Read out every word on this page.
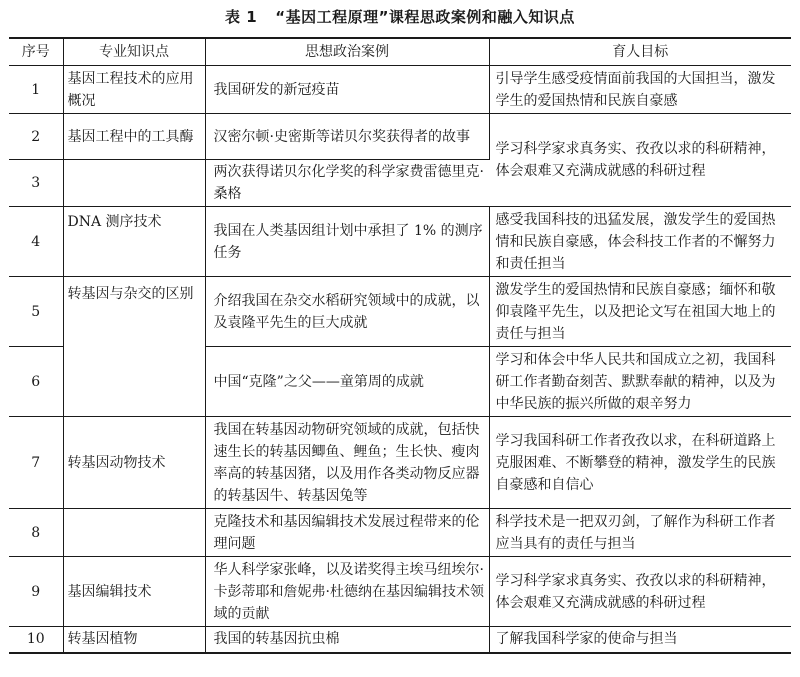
表 1 “基因工程原理”课程思政案例和融入知识点
序号	专业知识点	思想政治案例	育人目标
1	基因工程技术的应用概况	我国研发的新冠疫苗	引导学生感受疫情面前我国的大国担当，激发学生的爱国热情和民族自豪感
2	基因工程中的工具酶	汉密尔顿·史密斯等诺贝尔奖获得者的故事	学习科学家求真务实、孜孜以求的科研精神，体会艰难又充满成就感的科研过程
3		两次获得诺贝尔化学奖的科学家费雷德里克·桑格	
4	DNA 测序技术	我国在人类基因组计划中承担了 1% 的测序任务	感受我国科技的迅猛发展，激发学生的爱国热情和民族自豪感，体会科技工作者的不懈努力和责任担当
5	转基因与杂交的区别	介绍我国在杂交水稻研究领域中的成就，以及袁隆平先生的巨大成就	激发学生的爱国热情和民族自豪感；缅怀和敬仰袁隆平先生，以及把论文写在祖国大地上的责任与担当
6		中国“克隆”之父——童第周的成就	学习和体会中华人民共和国成立之初，我国科研工作者勤奋刻苦、默默奉献的精神，以及为中华民族的振兴所做的艰辛努力
7	转基因动物技术	我国在转基因动物研究领域的成就，包括快速生长的转基因鲫鱼、鲤鱼；生长快、瘦肉率高的转基因猪，以及用作各类动物反应器的转基因牛、转基因兔等	学习我国科研工作者孜孜以求，在科研道路上克服困难、不断攀登的精神，激发学生的民族自豪感和自信心
8		克隆技术和基因编辑技术发展过程带来的伦理问题	科学技术是一把双刃剑，了解作为科研工作者应当具有的责任与担当
9	基因编辑技术	华人科学家张峰，以及诺奖得主埃马纽埃尔·卡彭蒂耶和詹妮弗·杜德纳在基因编辑技术领域的贡献	学习科学家求真务实、孜孜以求的科研精神，体会艰难又充满成就感的科研过程
10	转基因植物	我国的转基因抗虫棉	了解我国科学家的使命与担当
